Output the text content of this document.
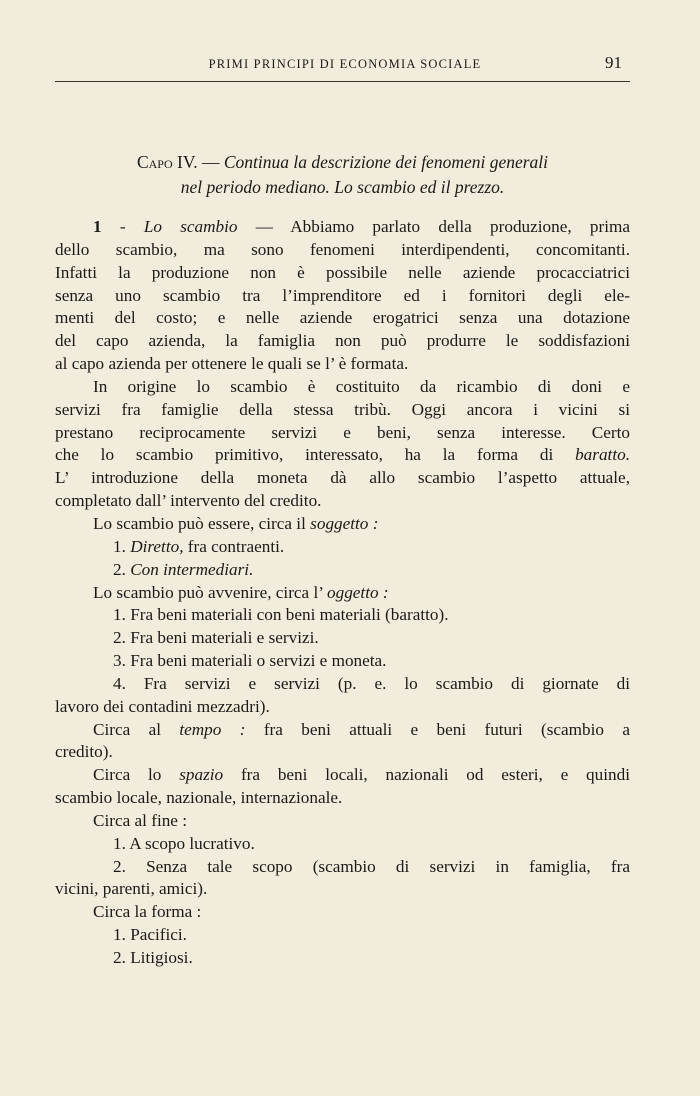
PRIMI PRINCIPI DI ECONOMIA SOCIALE	91
Capo IV. — Continua la descrizione dei fenomeni generali
nel periodo mediano. Lo scambio ed il prezzo.
1 - Lo scambio — Abbiamo parlato della produzione, prima
dello scambio, ma sono fenomeni interdipendenti, concomitanti.
Infatti la produzione non è possibile nelle aziende procacciatrici
senza uno scambio tra l’imprenditore ed i fornitori degli ele-
menti del costo; e nelle aziende erogatrici senza una dotazione
del capo azienda, la famiglia non può produrre le soddisfazioni
al capo azienda per ottenere le quali se l’ è formata.
In origine lo scambio è costituito da ricambio di doni e
servizi fra famiglie della stessa tribù. Oggi ancora i vicini si
prestano reciprocamente servizi e beni, senza interesse. Certo
che lo scambio primitivo, interessato, ha la forma di baratto.
L’ introduzione della moneta dà allo scambio l’aspetto attuale,
completato dall’ intervento del credito.
Lo scambio può essere, circa il soggetto :
1. Diretto, fra contraenti.
2. Con intermediari.
Lo scambio può avvenire, circa l’ oggetto :
1. Fra beni materiali con beni materiali (baratto).
2. Fra beni materiali e servizi.
3. Fra beni materiali o servizi e moneta.
4. Fra servizi e servizi (p. e. lo scambio di giornate di
lavoro dei contadini mezzadri).
Circa al tempo : fra beni attuali e beni futuri (scambio a
credito).
Circa lo spazio fra beni locali, nazionali od esteri, e quindi
scambio locale, nazionale, internazionale.
Circa al fine :
1. A scopo lucrativo.
2. Senza tale scopo (scambio di servizi in famiglia, fra
vicini, parenti, amici).
Circa la forma :
1. Pacifici.
2. Litigiosi.
